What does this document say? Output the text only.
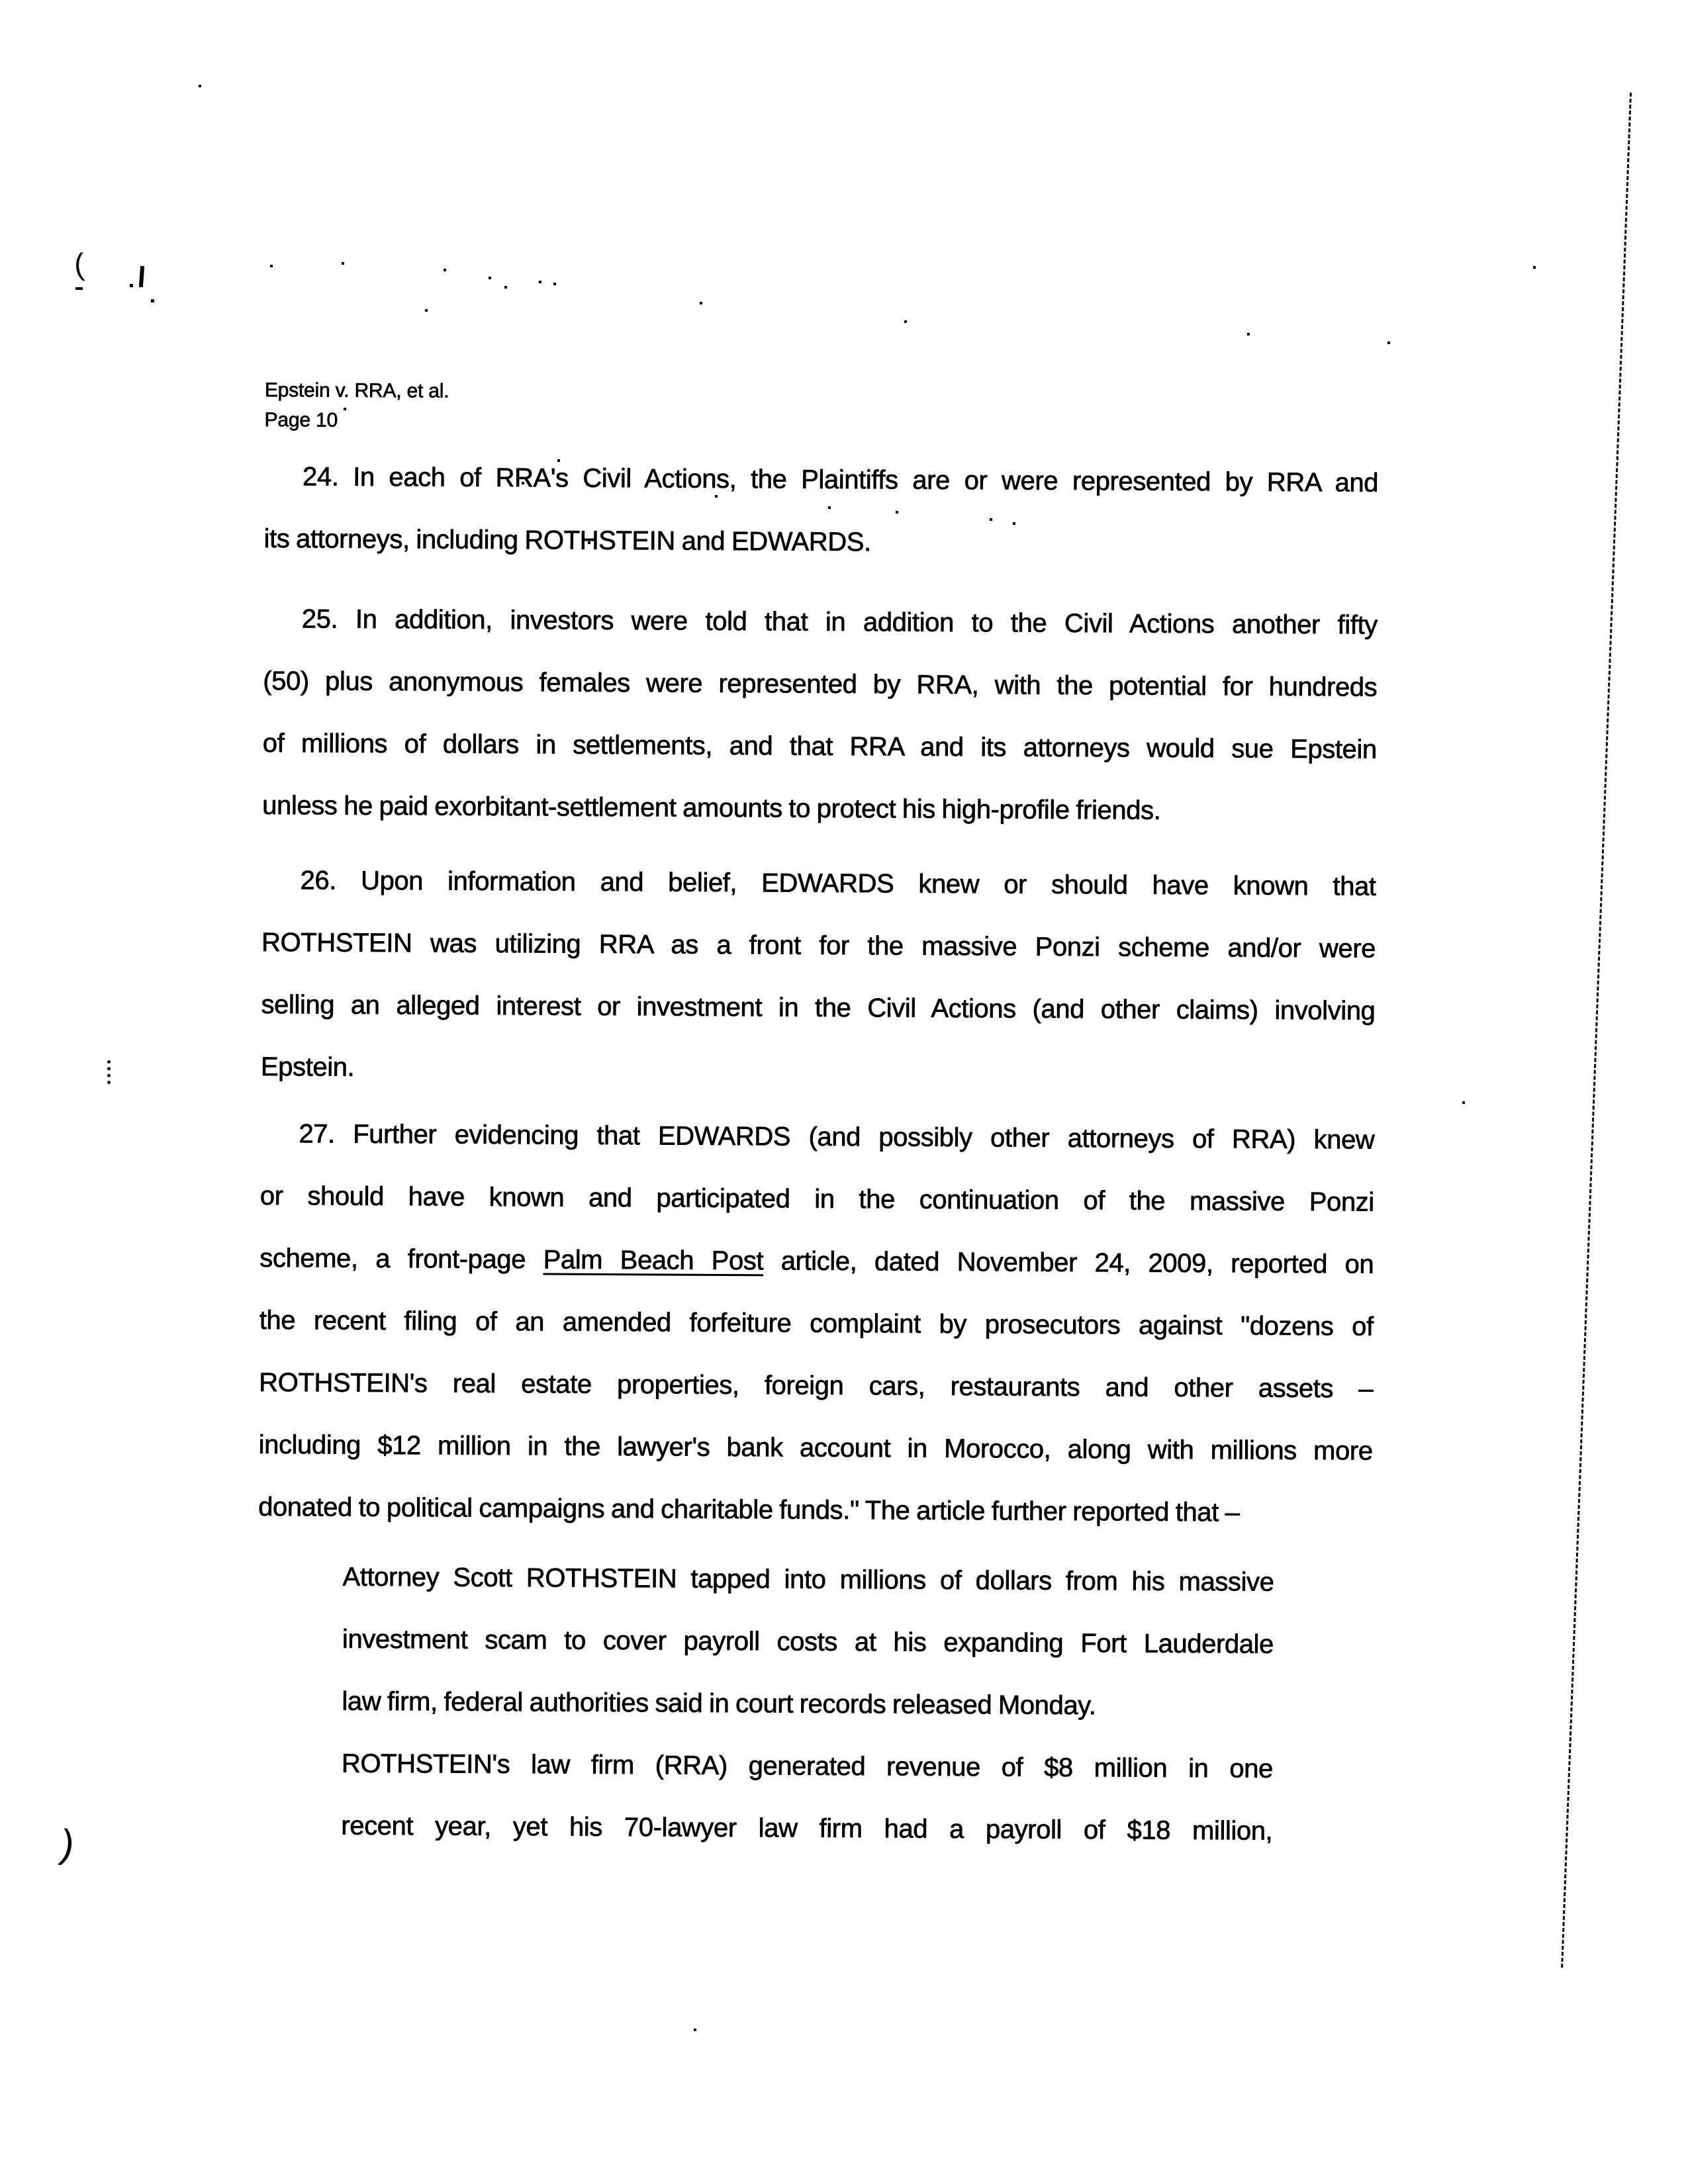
(
)
Epstein v. RRA, et al.
Page 10
24. In each of RRA's Civil Actions, the Plaintiffs are or were represented by RRA and
its attorneys, including ROTHSTEIN and EDWARDS.
25. In addition, investors were told that in addition to the Civil Actions another fifty
(50) plus anonymous females were represented by RRA, with the potential for hundreds
of millions of dollars in settlements, and that RRA and its attorneys would sue Epstein
unless he paid exorbitant-settlement amounts to protect his high-profile friends.
26. Upon information and belief, EDWARDS knew or should have known that
ROTHSTEIN was utilizing RRA as a front for the massive Ponzi scheme and/or were
selling an alleged interest or investment in the Civil Actions (and other claims) involving
Epstein.
27. Further evidencing that EDWARDS (and possibly other attorneys of RRA) knew
or should have known and participated in the continuation of the massive Ponzi
scheme, a front-page Palm Beach Post article, dated November 24, 2009, reported on
the recent filing of an amended forfeiture complaint by prosecutors against "dozens of
ROTHSTEIN's real estate properties, foreign cars, restaurants and other assets –
including $12 million in the lawyer's bank account in Morocco, along with millions more
donated to political campaigns and charitable funds." The article further reported that –
Attorney Scott ROTHSTEIN tapped into millions of dollars from his massive
investment scam to cover payroll costs at his expanding Fort Lauderdale
law firm, federal authorities said in court records released Monday.
ROTHSTEIN's law firm (RRA) generated revenue of $8 million in one
recent year, yet his 70-lawyer law firm had a payroll of $18 million,
